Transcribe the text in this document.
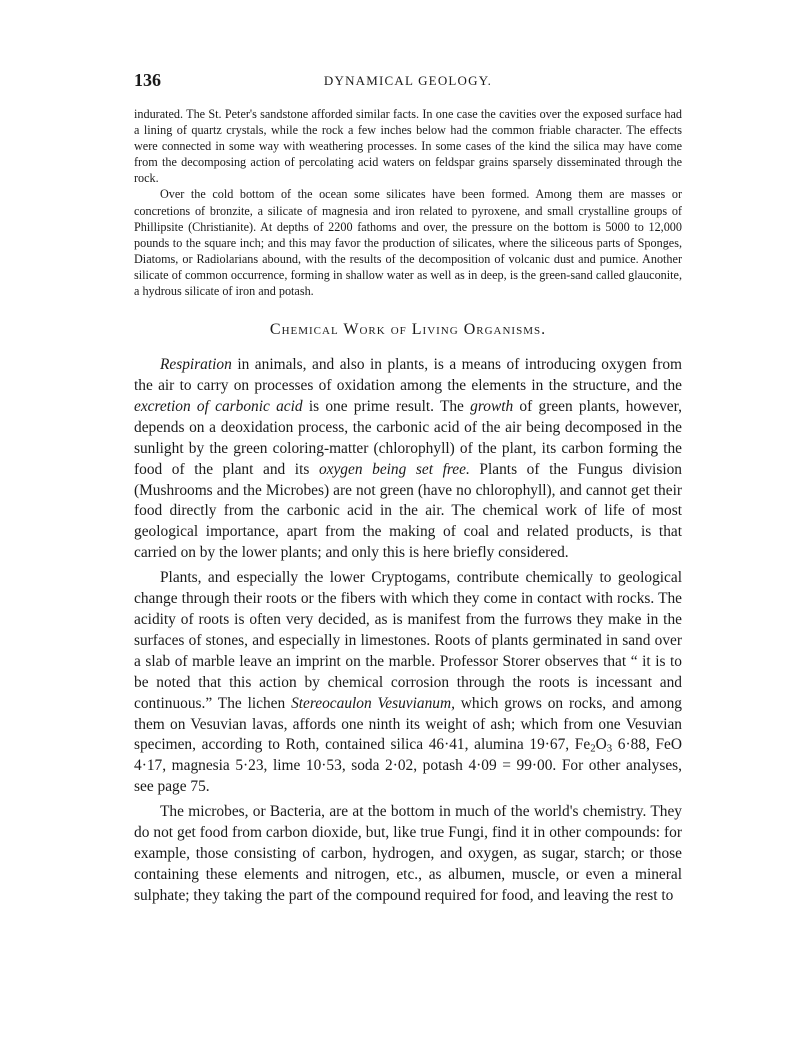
136	DYNAMICAL GEOLOGY.

indurated. The St. Peter's sandstone afforded similar facts. In one case the cavities over the exposed surface had a lining of quartz crystals, while the rock a few inches below had the common friable character. The effects were connected in some way with weathering processes. In some cases of the kind the silica may have come from the decomposing action of percolating acid waters on feldspar grains sparsely disseminated through the rock.

Over the cold bottom of the ocean some silicates have been formed. Among them are masses or concretions of bronzite, a silicate of magnesia and iron related to pyroxene, and small crystalline groups of Phillipsite (Christianite). At depths of 2200 fathoms and over, the pressure on the bottom is 5000 to 12,000 pounds to the square inch; and this may favor the production of silicates, where the siliceous parts of Sponges, Diatoms, or Radiolarians abound, with the results of the decomposition of volcanic dust and pumice. Another silicate of common occurrence, forming in shallow water as well as in deep, is the green-sand called glauconite, a hydrous silicate of iron and potash.

Chemical Work of Living Organisms.

Respiration in animals, and also in plants, is a means of introducing oxygen from the air to carry on processes of oxidation among the elements in the structure, and the excretion of carbonic acid is one prime result. The growth of green plants, however, depends on a deoxidation process, the carbonic acid of the air being decomposed in the sunlight by the green coloring-matter (chlorophyll) of the plant, its carbon forming the food of the plant and its oxygen being set free. Plants of the Fungus division (Mushrooms and the Microbes) are not green (have no chlorophyll), and cannot get their food directly from the carbonic acid in the air. The chemical work of life of most geological importance, apart from the making of coal and related products, is that carried on by the lower plants; and only this is here briefly considered.

Plants, and especially the lower Cryptogams, contribute chemically to geological change through their roots or the fibers with which they come in contact with rocks. The acidity of roots is often very decided, as is manifest from the furrows they make in the surfaces of stones, and especially in limestones. Roots of plants germinated in sand over a slab of marble leave an imprint on the marble. Professor Storer observes that “ it is to be noted that this action by chemical corrosion through the roots is incessant and continuous.” The lichen Stereocaulon Vesuvianum, which grows on rocks, and among them on Vesuvian lavas, affords one ninth its weight of ash; which from one Vesuvian specimen, according to Roth, contained silica 46·41, alumina 19·67, $Fe_2O_3$ 6·88, FeO 4·17, magnesia 5·23, lime 10·53, soda 2·02, potash 4·09 = 99·00. For other analyses, see page 75.

The microbes, or Bacteria, are at the bottom in much of the world's chemistry. They do not get food from carbon dioxide, but, like true Fungi, find it in other compounds: for example, those consisting of carbon, hydrogen, and oxygen, as sugar, starch; or those containing these elements and nitrogen, etc., as albumen, muscle, or even a mineral sulphate; they taking the part of the compound required for food, and leaving the rest to
